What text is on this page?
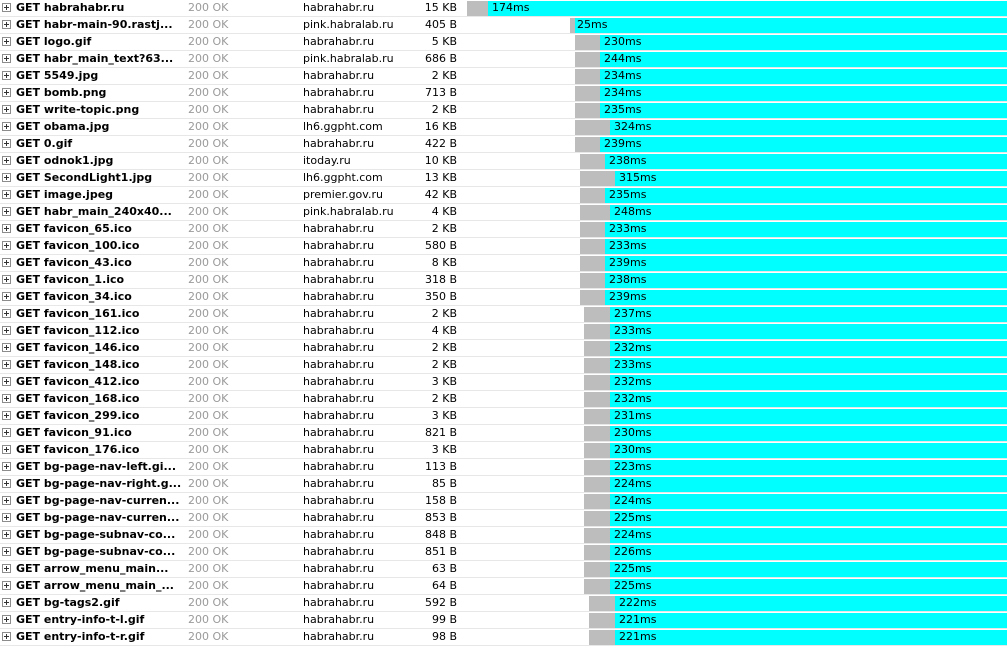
GET habrahabr.ru	200 OK	habrahabr.ru	15 KB	174ms
GET habr-main-90.rastj... 200 OK	pink.habralab.ru	405 B	25ms
GET logo.gif	200 OK	habrahabr.ru	5 KB	230ms
GET habr_main_text?63... 200 OK	pink.habralab.ru	686 B	244ms
GET 5549.jpg	200 OK	habrahabr.ru	2 KB	234ms
GET bomb.png	200 OK	habrahabr.ru	713 B	234ms
GET write-topic.png	200 OK	habrahabr.ru	2 KB	235ms
GET obama.jpg	200 OK	lh6.ggpht.com	16 KB	324ms
GET 0.gif	200 OK	habrahabr.ru	422 B	239ms
GET odnok1.jpg	200 OK	itoday.ru	10 KB	238ms
GET SecondLight1.jpg	200 OK	lh6.ggpht.com	13 KB	315ms
GET image.jpeg	200 OK	premier.gov.ru	42 KB	235ms
GET habr_main_240x40... 200 OK	pink.habralab.ru	4 KB	248ms
GET favicon_65.ico	200 OK	habrahabr.ru	2 KB	233ms
GET favicon_100.ico	200 OK	habrahabr.ru	580 B	233ms
GET favicon_43.ico	200 OK	habrahabr.ru	8 KB	239ms
GET favicon_1.ico	200 OK	habrahabr.ru	318 B	238ms
GET favicon_34.ico	200 OK	habrahabr.ru	350 B	239ms
GET favicon_161.ico	200 OK	habrahabr.ru	2 KB	237ms
GET favicon_112.ico	200 OK	habrahabr.ru	4 KB	233ms
GET favicon_146.ico	200 OK	habrahabr.ru	2 KB	232ms
GET favicon_148.ico	200 OK	habrahabr.ru	2 KB	233ms
GET favicon_412.ico	200 OK	habrahabr.ru	3 KB	232ms
GET favicon_168.ico	200 OK	habrahabr.ru	2 KB	232ms
GET favicon_299.ico	200 OK	habrahabr.ru	3 KB	231ms
GET favicon_91.ico	200 OK	habrahabr.ru	821 B	230ms
GET favicon_176.ico	200 OK	habrahabr.ru	3 KB	230ms
GET bg-page-nav-left.gi... 200 OK	habrahabr.ru	113 B	223ms
GET bg-page-nav-right.g... 200 OK	habrahabr.ru	85 B	224ms
GET bg-page-nav-curren... 200 OK	habrahabr.ru	158 B	224ms
GET bg-page-nav-curren... 200 OK	habrahabr.ru	853 B	225ms
GET bg-page-subnav-co... 200 OK	habrahabr.ru	848 B	224ms
GET bg-page-subnav-co... 200 OK	habrahabr.ru	851 B	226ms
GET arrow_menu_main... 200 OK	habrahabr.ru	63 B	225ms
GET arrow_menu_main_... 200 OK	habrahabr.ru	64 B	225ms
GET bg-tags2.gif	200 OK	habrahabr.ru	592 B	222ms
GET entry-info-t-l.gif	200 OK	habrahabr.ru	99 B	221ms
GET entry-info-t-r.gif	200 OK	habrahabr.ru	98 B	221ms
